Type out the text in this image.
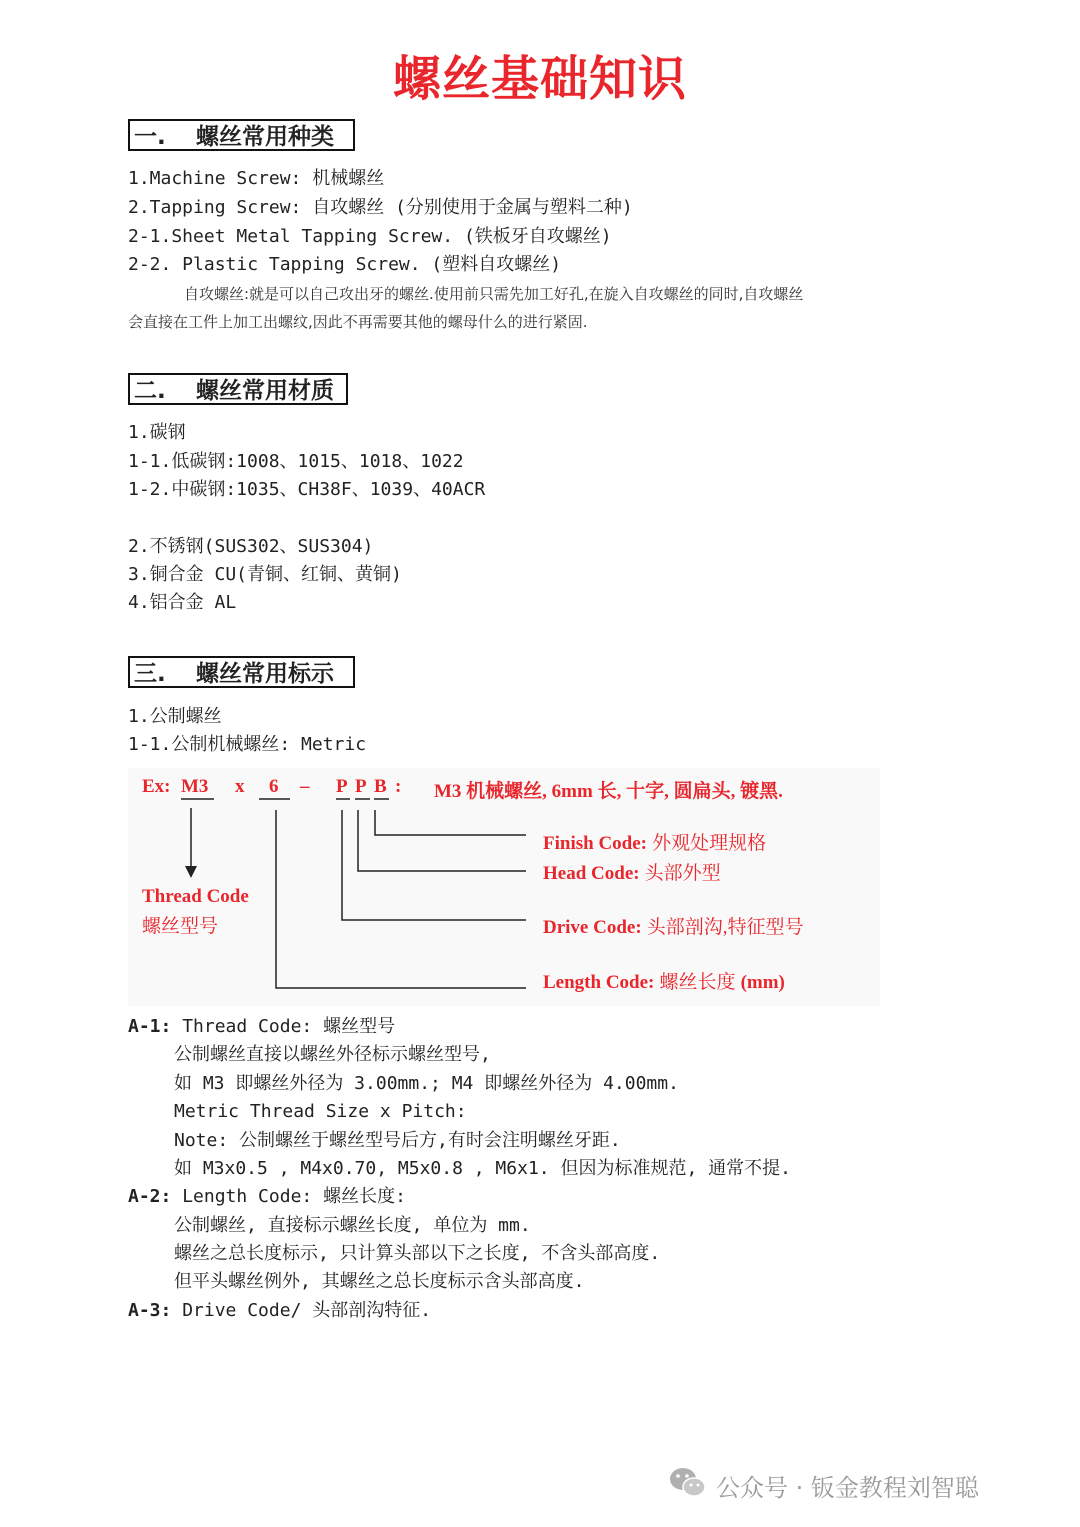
螺丝基础知识
一. 螺丝常用种类
1.Machine Screw: 机械螺丝
2.Tapping Screw: 自攻螺丝 (分别使用于金属与塑料二种)
2-1.Sheet Metal Tapping Screw. (铁板牙自攻螺丝)
2-2. Plastic Tapping Screw. (塑料自攻螺丝)
自攻螺丝:就是可以自己攻出牙的螺丝.使用前只需先加工好孔,在旋入自攻螺丝的同时,自攻螺丝
会直接在工件上加工出螺纹,因此不再需要其他的螺母什么的进行紧固.
二. 螺丝常用材质
1.碳钢
1-1.低碳钢:1008、1015、1018、1022
1-2.中碳钢:1035、CH38F、1039、40ACR
2.不锈钢(SUS302、SUS304)
3.铜合金 CU(青铜、红铜、黄铜)
4.铝合金 AL
三. 螺丝常用标示
1.公制螺丝
1-1.公制机械螺丝: Metric
Ex: M3 x 6 – P P B : M3 机械螺丝, 6mm 长, 十字, 圆扁头, 镀黑.
Thread Code
螺丝型号
Finish Code: 外观处理规格
Head Code: 头部外型
Drive Code: 头部剖沟,特征型号
Length Code: 螺丝长度 (mm)
A-1: Thread Code: 螺丝型号
公制螺丝直接以螺丝外径标示螺丝型号,
如 M3 即螺丝外径为 3.00mm.; M4 即螺丝外径为 4.00mm.
Metric Thread Size x Pitch:
Note: 公制螺丝于螺丝型号后方,有时会注明螺丝牙距.
如 M3x0.5 , M4x0.70, M5x0.8 , M6x1. 但因为标准规范, 通常不提.
A-2: Length Code: 螺丝长度:
公制螺丝, 直接标示螺丝长度, 单位为 mm.
螺丝之总长度标示, 只计算头部以下之长度, 不含头部高度.
但平头螺丝例外, 其螺丝之总长度标示含头部高度.
A-3: Drive Code/ 头部剖沟特征.
公众号 · 钣金教程刘智聪
